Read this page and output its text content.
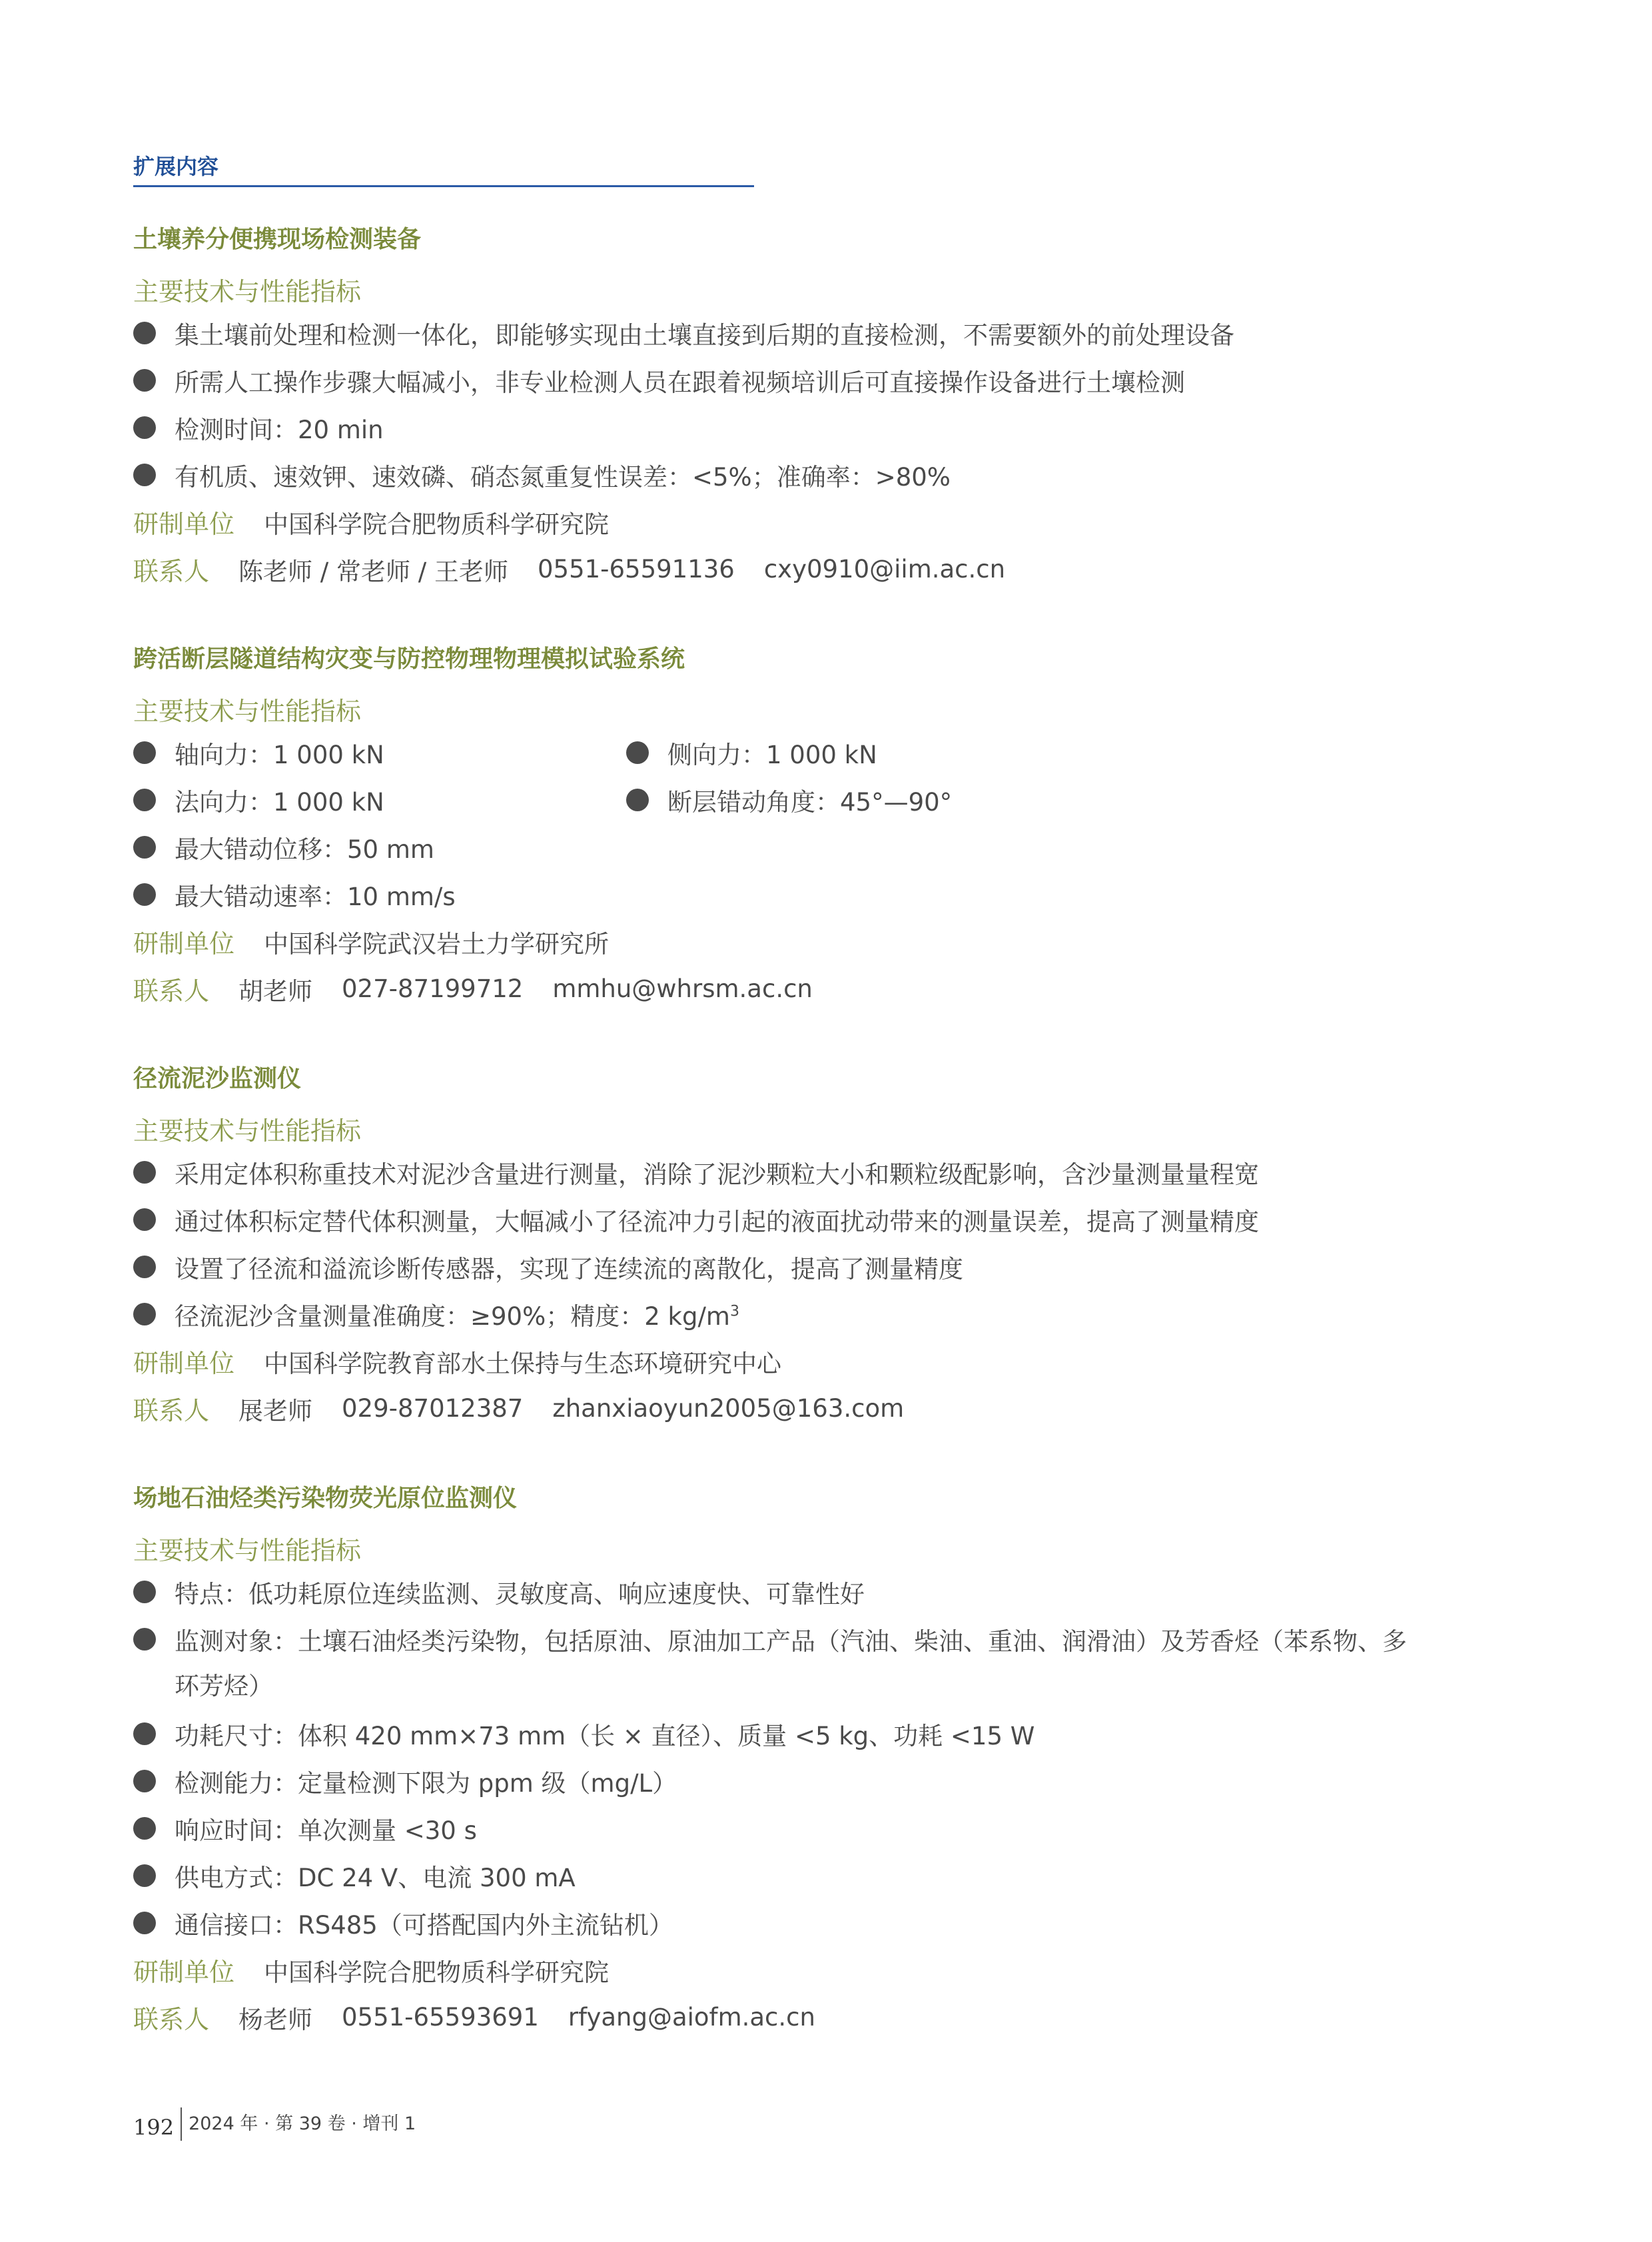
扩展内容
土壤养分便携现场检测装备
主要技术与性能指标
集土壤前处理和检测一体化，即能够实现由土壤直接到后期的直接检测，不需要额外的前处理设备
所需人工操作步骤大幅减小，非专业检测人员在跟着视频培训后可直接操作设备进行土壤检测
检测时间：20 min
有机质、速效钾、速效磷、硝态氮重复性误差：<5%；准确率：>80%
研制单位 中国科学院合肥物质科学研究院
联系人 陈老师 / 常老师 / 王老师 0551-65591136 cxy0910@iim.ac.cn
跨活断层隧道结构灾变与防控物理物理模拟试验系统
主要技术与性能指标
轴向力：1 000 kN	侧向力：1 000 kN
法向力：1 000 kN	断层错动角度：45°—90°
最大错动位移：50 mm
最大错动速率：10 mm/s
研制单位 中国科学院武汉岩土力学研究所
联系人 胡老师 027-87199712 mmhu@whrsm.ac.cn
径流泥沙监测仪
主要技术与性能指标
采用定体积称重技术对泥沙含量进行测量，消除了泥沙颗粒大小和颗粒级配影响，含沙量测量量程宽
通过体积标定替代体积测量，大幅减小了径流冲力引起的液面扰动带来的测量误差，提高了测量精度
设置了径流和溢流诊断传感器，实现了连续流的离散化，提高了测量精度
径流泥沙含量测量准确度：≥90%；精度：2 $kg/m^3$
研制单位 中国科学院教育部水土保持与生态环境研究中心
联系人 展老师 029-87012387 zhanxiaoyun2005@163.com
场地石油烃类污染物荧光原位监测仪
主要技术与性能指标
特点：低功耗原位连续监测、灵敏度高、响应速度快、可靠性好
监测对象：土壤石油烃类污染物，包括原油、原油加工产品（汽油、柴油、重油、润滑油）及芳香烃（苯系物、多
环芳烃）
功耗尺寸：体积 420 mm×73 mm（长 × 直径）、质量 <5 kg、功耗 <15 W
检测能力：定量检测下限为 ppm 级（mg/L）
响应时间：单次测量 <30 s
供电方式：DC 24 V、电流 300 mA
通信接口：RS485（可搭配国内外主流钻机）
研制单位 中国科学院合肥物质科学研究院
联系人 杨老师 0551-65593691 rfyang@aiofm.ac.cn
192 2024 年 · 第 39 卷 · 增刊 1
